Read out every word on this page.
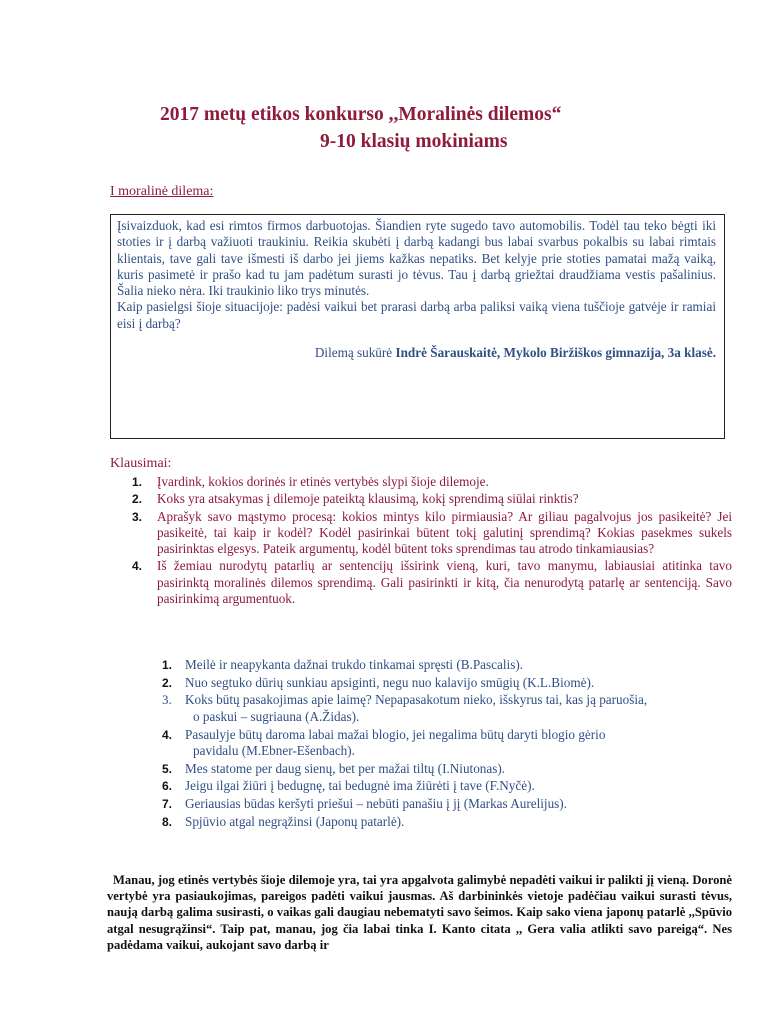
2017 metų etikos konkurso ,,Moralinės dilemos“
9-10 klasių mokiniams
I moralinė dilema:

Įsivaizduok, kad esi rimtos firmos darbuotojas. Šiandien ryte sugedo tavo automobilis. Todėl tau teko bėgti iki stoties ir į darbą važiuoti traukiniu. Reikia skubėti į darbą kadangi bus labai svarbus pokalbis su labai rimtais klientais, tave gali tave išmesti iš darbo jei jiems kažkas nepatiks. Bet kelyje prie stoties pamatai mažą vaiką, kuris pasimetė ir prašo kad tu jam padėtum surasti jo tėvus. Tau į darbą griežtai draudžiama vestis pašalinius. Šalia nieko nėra. Iki traukinio liko trys minutės.

Kaip pasielgsi šioje situacijoje: padėsi vaikui bet prarasi darbą arba paliksi vaiką viena tuščioje gatvėje ir ramiai eisi į darbą?

Dilemą sukūrė Indrė Šarauskaitė, Mykolo Biržiškos gimnazija, 3a klasė.
Klausimai:
1. Įvardink, kokios dorinės ir etinės vertybės slypi šioje dilemoje.
2. Koks yra atsakymas į dilemoje pateiktą klausimą, kokį sprendimą siūlai rinktis?
3. Aprašyk savo mąstymo procesą: kokios mintys kilo pirmiausia? Ar giliau pagalvojus jos pasikeitė? Jei pasikeitė, tai kaip ir kodėl? Kodėl pasirinkai būtent tokį galutinį sprendimą? Kokias pasekmes sukels pasirinktas elgesys. Pateik argumentų, kodėl būtent toks sprendimas tau atrodo tinkamiausias?
4. Iš žemiau nurodytų patarlių ar sentencijų išsirink vieną, kuri, tavo manymu, labiausiai atitinka tavo pasirinktą moralinės dilemos sprendimą. Gali pasirinkti ir kitą, čia nenurodytą patarlę ar sentenciją. Savo pasirinkimą argumentuok.
1. Meilė ir neapykanta dažnai trukdo tinkamai spręsti (B.Pascalis).
2. Nuo segtuko dūrių sunkiau apsiginti, negu nuo kalavijo smūgių (K.L.Biomė).
3. Koks būtų pasakojimas apie laimę? Nepapasakotum nieko, išskyrus tai, kas ją paruošia,
o paskui – sugriauna (A.Židas).
4. Pasaulyje būtų daroma labai mažai blogio, jei negalima būtų daryti blogio gėrio
pavidalu (M.Ebner-Ešenbach).
5. Mes statome per daug sienų, bet per mažai tiltų (I.Niutonas).
6. Jeigu ilgai žiūri į bedugnę, tai bedugnė ima žiūrėti į tave (F.Nyčė).
7. Geriausias būdas keršyti priešui – nebūti panašiu į jį (Markas Aurelijus).
8. Spjūvio atgal negrąžinsi (Japonų patarlė).

Manau, jog etinės vertybės šioje dilemoje yra, tai yra apgalvota galimybė nepadėti vaikui ir palikti jį vieną. Doronė vertybė yra pasiaukojimas, pareigos padėti vaikui jausmas. Aš darbininkės vietoje padėčiau vaikui surasti tėvus, naują darbą galima susirasti, o vaikas gali daugiau nebematyti savo šeimos. Kaip sako viena japonų patarlė ,,Spūvio atgal nesugrąžinsi“. Taip pat, manau, jog čia labai tinka I. Kanto citata ,, Gera valia atlikti savo pareigą“. Nes padėdama vaikui, aukojant savo darbą ir
